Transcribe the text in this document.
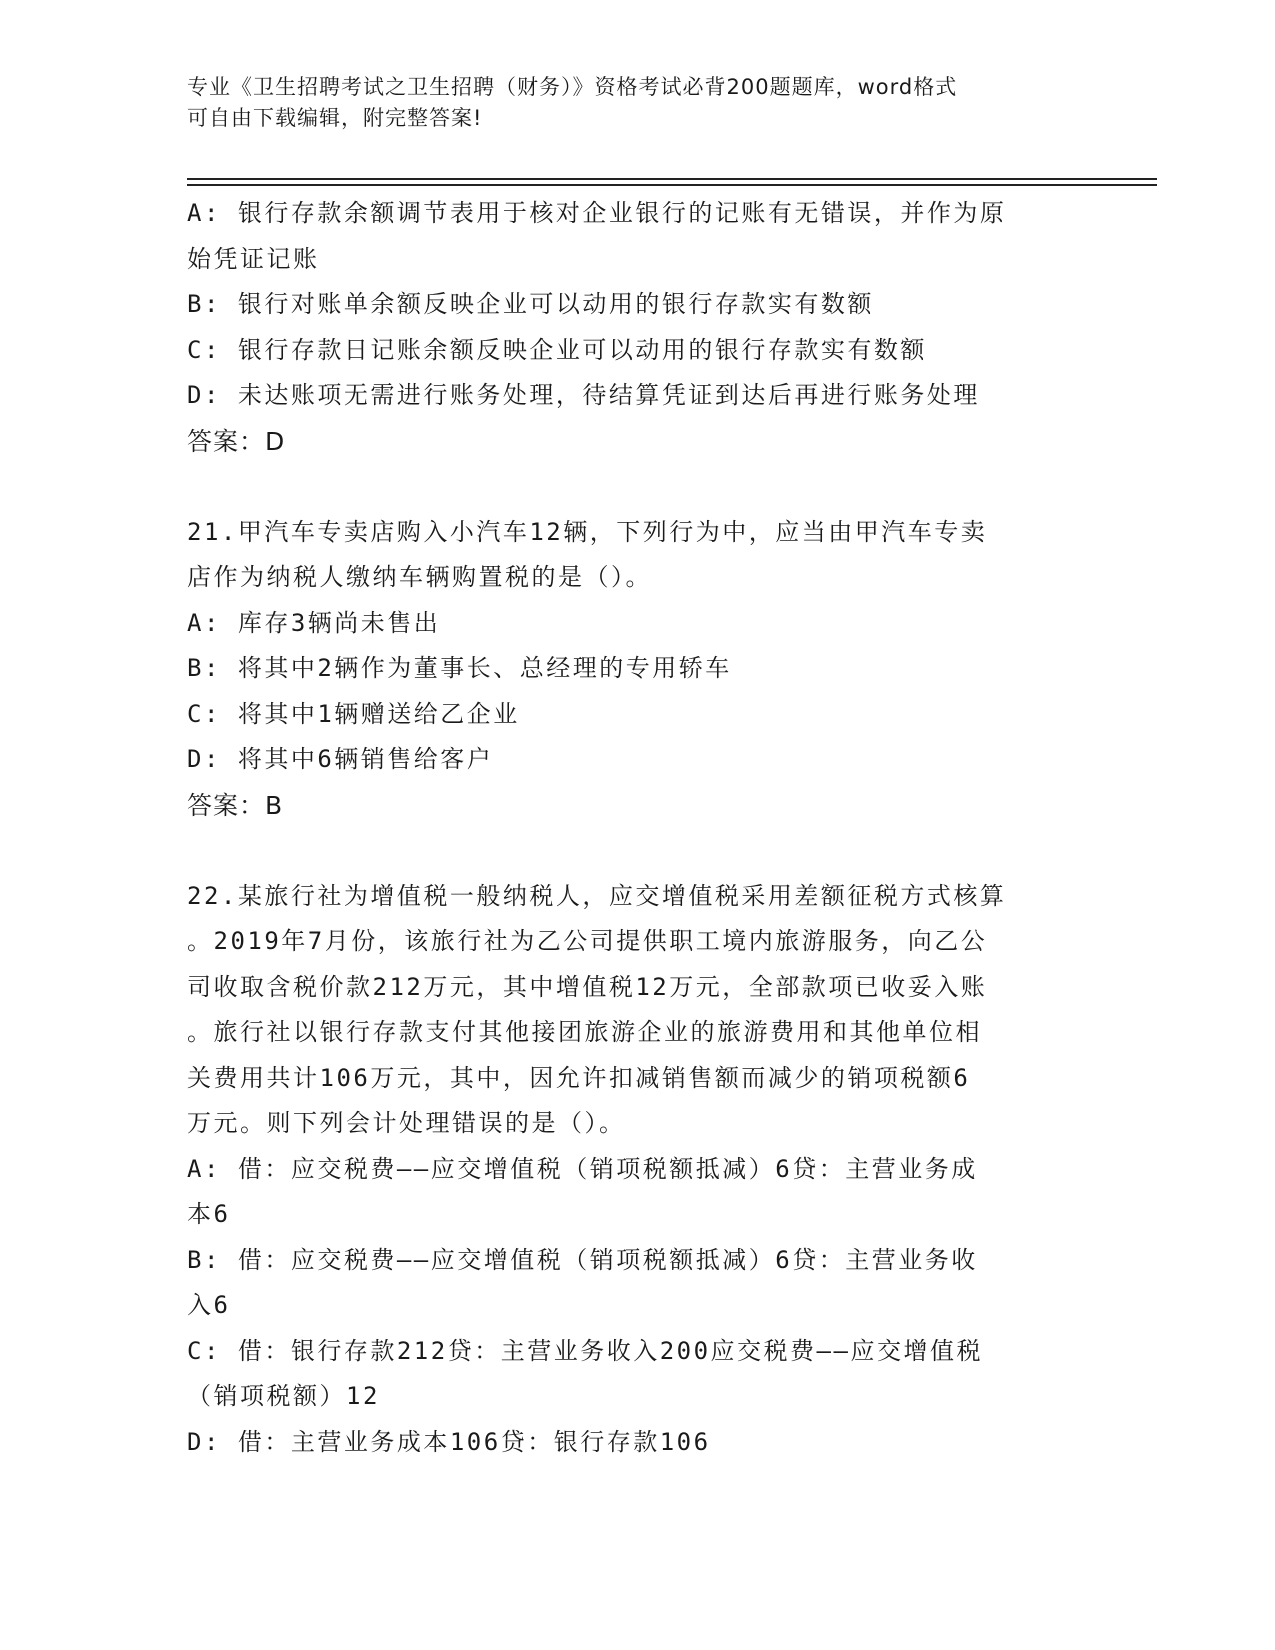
专业《卫生招聘考试之卫生招聘（财务）》资格考试必背200题题库，word格式
可自由下载编辑，附完整答案!
A: 银行存款余额调节表用于核对企业银行的记账有无错误，并作为原
始凭证记账
B: 银行对账单余额反映企业可以动用的银行存款实有数额
C: 银行存款日记账余额反映企业可以动用的银行存款实有数额
D: 未达账项无需进行账务处理，待结算凭证到达后再进行账务处理
答案：D
21.甲汽车专卖店购入小汽车12辆，下列行为中，应当由甲汽车专卖
店作为纳税人缴纳车辆购置税的是（）。
A: 库存3辆尚未售出
B: 将其中2辆作为董事长、总经理的专用轿车
C: 将其中1辆赠送给乙企业
D: 将其中6辆销售给客户
答案：B
22.某旅行社为增值税一般纳税人，应交增值税采用差额征税方式核算
。2019年7月份，该旅行社为乙公司提供职工境内旅游服务，向乙公
司收取含税价款212万元，其中增值税12万元，全部款项已收妥入账
。旅行社以银行存款支付其他接团旅游企业的旅游费用和其他单位相
关费用共计106万元，其中，因允许扣减销售额而减少的销项税额6
万元。则下列会计处理错误的是（）。
A: 借：应交税费——应交增值税（销项税额抵减）6贷：主营业务成
本6
B: 借：应交税费——应交增值税（销项税额抵减）6贷：主营业务收
入6
C: 借：银行存款212贷：主营业务收入200应交税费——应交增值税
（销项税额）12
D: 借：主营业务成本106贷：银行存款106
